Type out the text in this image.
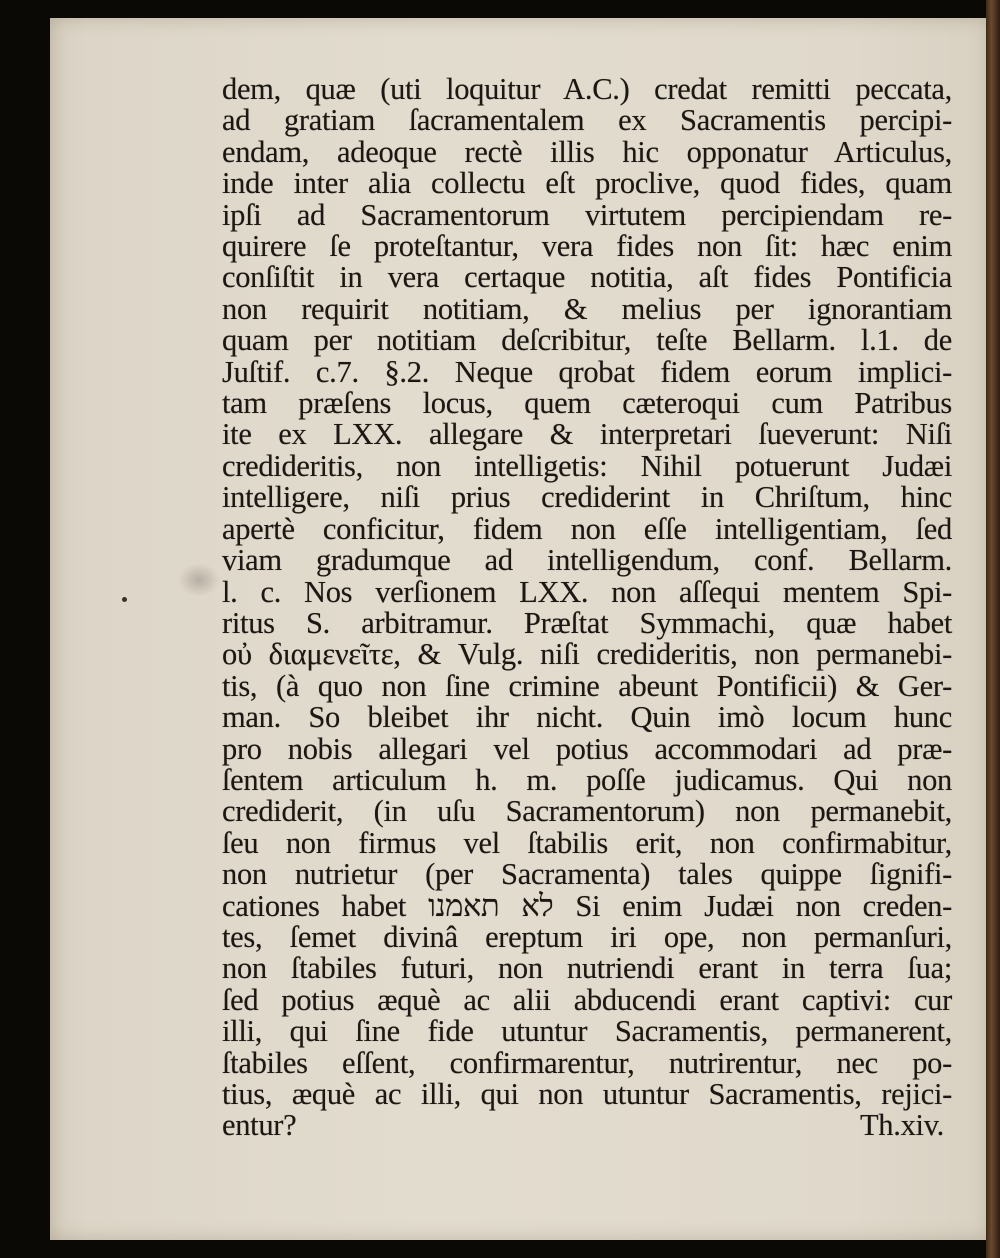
dem, quæ (uti loquitur A.C.) credat remitti peccata,
ad gratiam ſacramentalem ex Sacramentis percipi-
endam, adeoque rectè illis hic opponatur Articulus,
inde inter alia collectu eſt proclive, quod fides, quam
ipſi ad Sacramentorum virtutem percipiendam re-
quirere ſe proteſtantur, vera fides non ſit: hæc enim
conſiſtit in vera certaque notitia, aſt fides Pontificia
non requirit notitiam, & melius per ignorantiam
quam per notitiam deſcribitur, teſte Bellarm. l.1. de
Juſtif. c.7. §.2. Neque qrobat fidem eorum implici-
tam præſens locus, quem cæteroqui cum Patribus
ite ex LXX. allegare & interpretari ſueverunt: Niſi
credideritis, non intelligetis: Nihil potuerunt Judæi
intelligere, niſi prius crediderint in Chriſtum, hinc
apertè conficitur, fidem non eſſe intelligentiam, ſed
viam gradumque ad intelligendum, conf. Bellarm.
l. c. Nos verſionem LXX. non aſſequi mentem Spi-
ritus S. arbitramur. Præſtat Symmachi, quæ habet
οὐ διαμενεῖτε, & Vulg. niſi credideritis, non permanebi-
tis, (à quo non ſine crimine abeunt Pontificii) & Ger-
man. So bleibet ihr nicht. Quin imò locum hunc
pro nobis allegari vel potius accommodari ad præ-
ſentem articulum h. m. poſſe judicamus. Qui non
crediderit, (in uſu Sacramentorum) non permanebit,
ſeu non firmus vel ſtabilis erit, non confirmabitur,
non nutrietur (per Sacramenta) tales quippe ſignifi-
cationes habet לא תאמנו Si enim Judæi non creden-
tes, ſemet divinâ ereptum iri ope, non permanſuri,
non ſtabiles futuri, non nutriendi erant in terra ſua;
ſed potius æquè ac alii abducendi erant captivi: cur
illi, qui ſine fide utuntur Sacramentis, permanerent,
ſtabiles eſſent, confirmarentur, nutrirentur, nec po-
tius, æquè ac illi, qui non utuntur Sacramentis, rejici-
entur?	Th.xiv.
